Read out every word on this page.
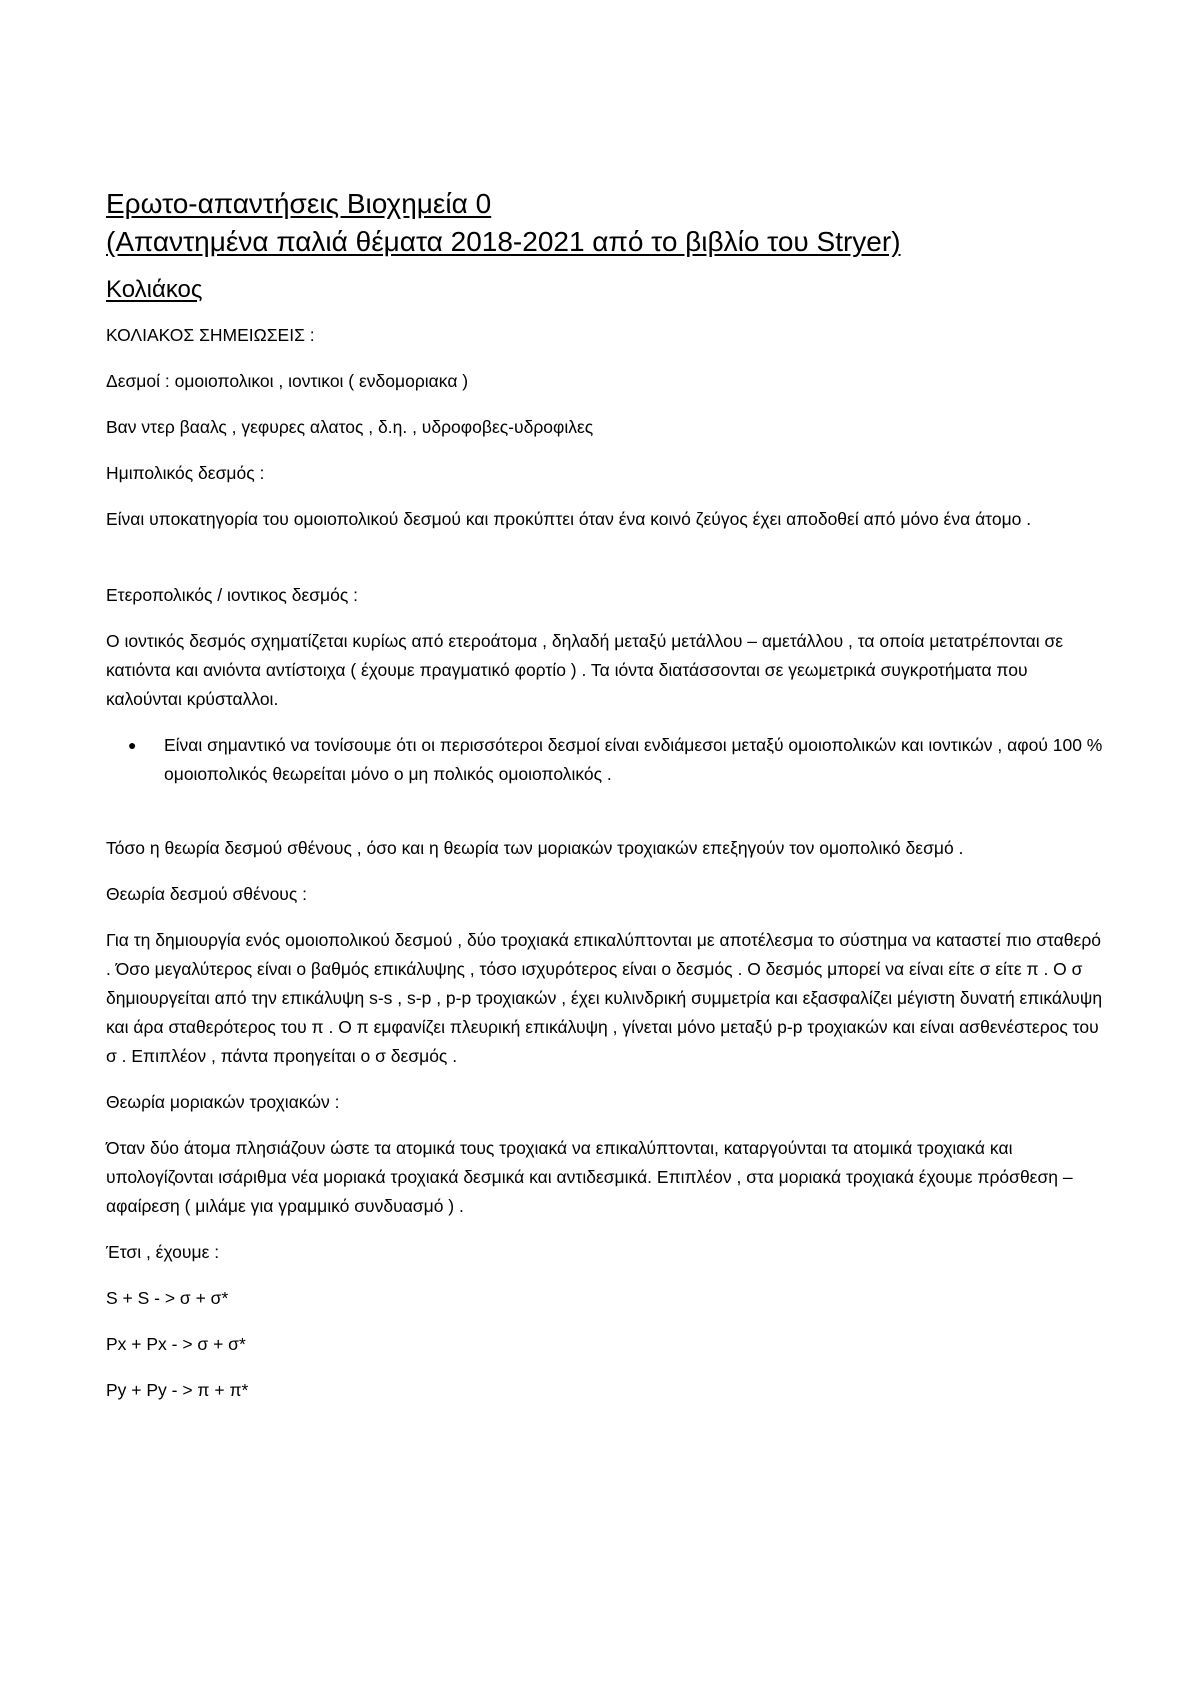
Ερωτο-απαντήσεις Βιοχημεία 0
(Απαντημένα παλιά θέματα 2018-2021 από το βιβλίο του Stryer)
Κολιάκος

ΚΟΛΙΑΚΟΣ ΣΗΜΕΙΩΣΕΙΣ :

Δεσμοί : ομοιοπολικοι , ιοντικοι ( ενδομοριακα )

Βαν ντερ βααλς , γεφυρες αλατος , δ.η. , υδροφοβες-υδροφιλες

Ημιπολικός δεσμός :

Είναι υποκατηγορία του ομοιοπολικού δεσμού και προκύπτει όταν ένα κοινό ζεύγος έχει αποδοθεί από μόνο ένα άτομο .

Ετεροπολικός / ιοντικος δεσμός :

Ο ιοντικός δεσμός σχηματίζεται κυρίως από ετεροάτομα , δηλαδή μεταξύ μετάλλου – αμετάλλου , τα οποία μετατρέπονται σε κατιόντα και ανιόντα αντίστοιχα ( έχουμε πραγματικό φορτίο ) . Τα ιόντα διατάσσονται σε γεωμετρικά συγκροτήματα που καλούνται κρύσταλλοι.

● Είναι σημαντικό να τονίσουμε ότι οι περισσότεροι δεσμοί είναι ενδιάμεσοι μεταξύ ομοιοπολικών και ιοντικών , αφού 100 % ομοιοπολικός θεωρείται μόνο ο μη πολικός ομοιοπολικός .

Τόσο η θεωρία δεσμού σθένους , όσο και η θεωρία των μοριακών τροχιακών επεξηγούν τον ομοπολικό δεσμό .

Θεωρία δεσμού σθένους :

Για τη δημιουργία ενός ομοιοπολικού δεσμού , δύο τροχιακά επικαλύπτονται με αποτέλεσμα το σύστημα να καταστεί πιο σταθερό . Όσο μεγαλύτερος είναι ο βαθμός επικάλυψης , τόσο ισχυρότερος είναι ο δεσμός . Ο δεσμός μπορεί να είναι είτε σ είτε π . Ο σ δημιουργείται από την επικάλυψη s-s , s-p , p-p τροχιακών , έχει κυλινδρική συμμετρία και εξασφαλίζει μέγιστη δυνατή επικάλυψη και άρα σταθερότερος του π . Ο π εμφανίζει πλευρική επικάλυψη , γίνεται μόνο μεταξύ p-p τροχιακών και είναι ασθενέστερος του σ . Επιπλέον , πάντα προηγείται ο σ δεσμός .

Θεωρία μοριακών τροχιακών :

Όταν δύο άτομα πλησιάζουν ώστε τα ατομικά τους τροχιακά να επικαλύπτονται, καταργούνται τα ατομικά τροχιακά και υπολογίζονται ισάριθμα νέα μοριακά τροχιακά δεσμικά και αντιδεσμικά. Επιπλέον , στα μοριακά τροχιακά έχουμε πρόσθεση – αφαίρεση ( μιλάμε για γραμμικό συνδυασμό ) .

Έτσι , έχουμε :

S + S - > σ + σ*

Px + Px - > σ + σ*

Py + Py - > π + π*
